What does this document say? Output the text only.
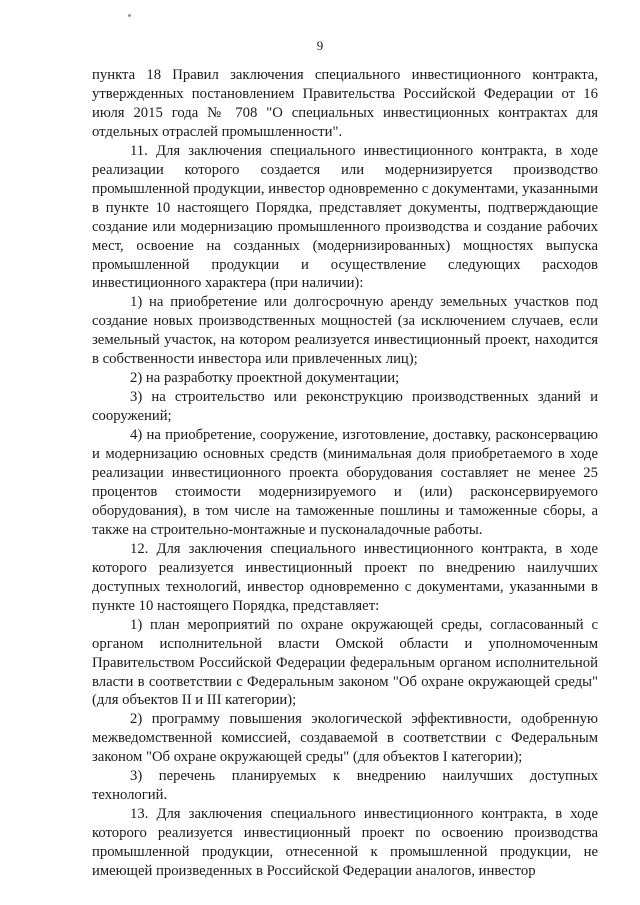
9

пункта 18 Правил заключения специального инвестиционного контракта, утвержденных постановлением Правительства Российской Федерации от 16 июля 2015 года № 708 "О специальных инвестиционных контрактах для отдельных отраслей промышленности".

11. Для заключения специального инвестиционного контракта, в ходе реализации которого создается или модернизируется производство промышленной продукции, инвестор одновременно с документами, указанными в пункте 10 настоящего Порядка, представляет документы, подтверждающие создание или модернизацию промышленного производства и создание рабочих мест, освоение на созданных (модернизированных) мощностях выпуска промышленной продукции и осуществление следующих расходов инвестиционного характера (при наличии):

1) на приобретение или долгосрочную аренду земельных участков под создание новых производственных мощностей (за исключением случаев, если земельный участок, на котором реализуется инвестиционный проект, находится в собственности инвестора или привлеченных лиц);

2) на разработку проектной документации;

3) на строительство или реконструкцию производственных зданий и сооружений;

4) на приобретение, сооружение, изготовление, доставку, расконсервацию и модернизацию основных средств (минимальная доля приобретаемого в ходе реализации инвестиционного проекта оборудования составляет не менее 25 процентов стоимости модернизируемого и (или) расконсервируемого оборудования), в том числе на таможенные пошлины и таможенные сборы, а также на строительно-монтажные и пусконаладочные работы.

12. Для заключения специального инвестиционного контракта, в ходе которого реализуется инвестиционный проект по внедрению наилучших доступных технологий, инвестор одновременно с документами, указанными в пункте 10 настоящего Порядка, представляет:

1) план мероприятий по охране окружающей среды, согласованный с органом исполнительной власти Омской области и уполномоченным Правительством Российской Федерации федеральным органом исполнительной власти в соответствии с Федеральным законом "Об охране окружающей среды" (для объектов II и III категории);

2) программу повышения экологической эффективности, одобренную межведомственной комиссией, создаваемой в соответствии с Федеральным законом "Об охране окружающей среды" (для объектов I категории);

3) перечень планируемых к внедрению наилучших доступных технологий.

13. Для заключения специального инвестиционного контракта, в ходе которого реализуется инвестиционный проект по освоению производства промышленной продукции, отнесенной к промышленной продукции, не имеющей произведенных в Российской Федерации аналогов, инвестор
